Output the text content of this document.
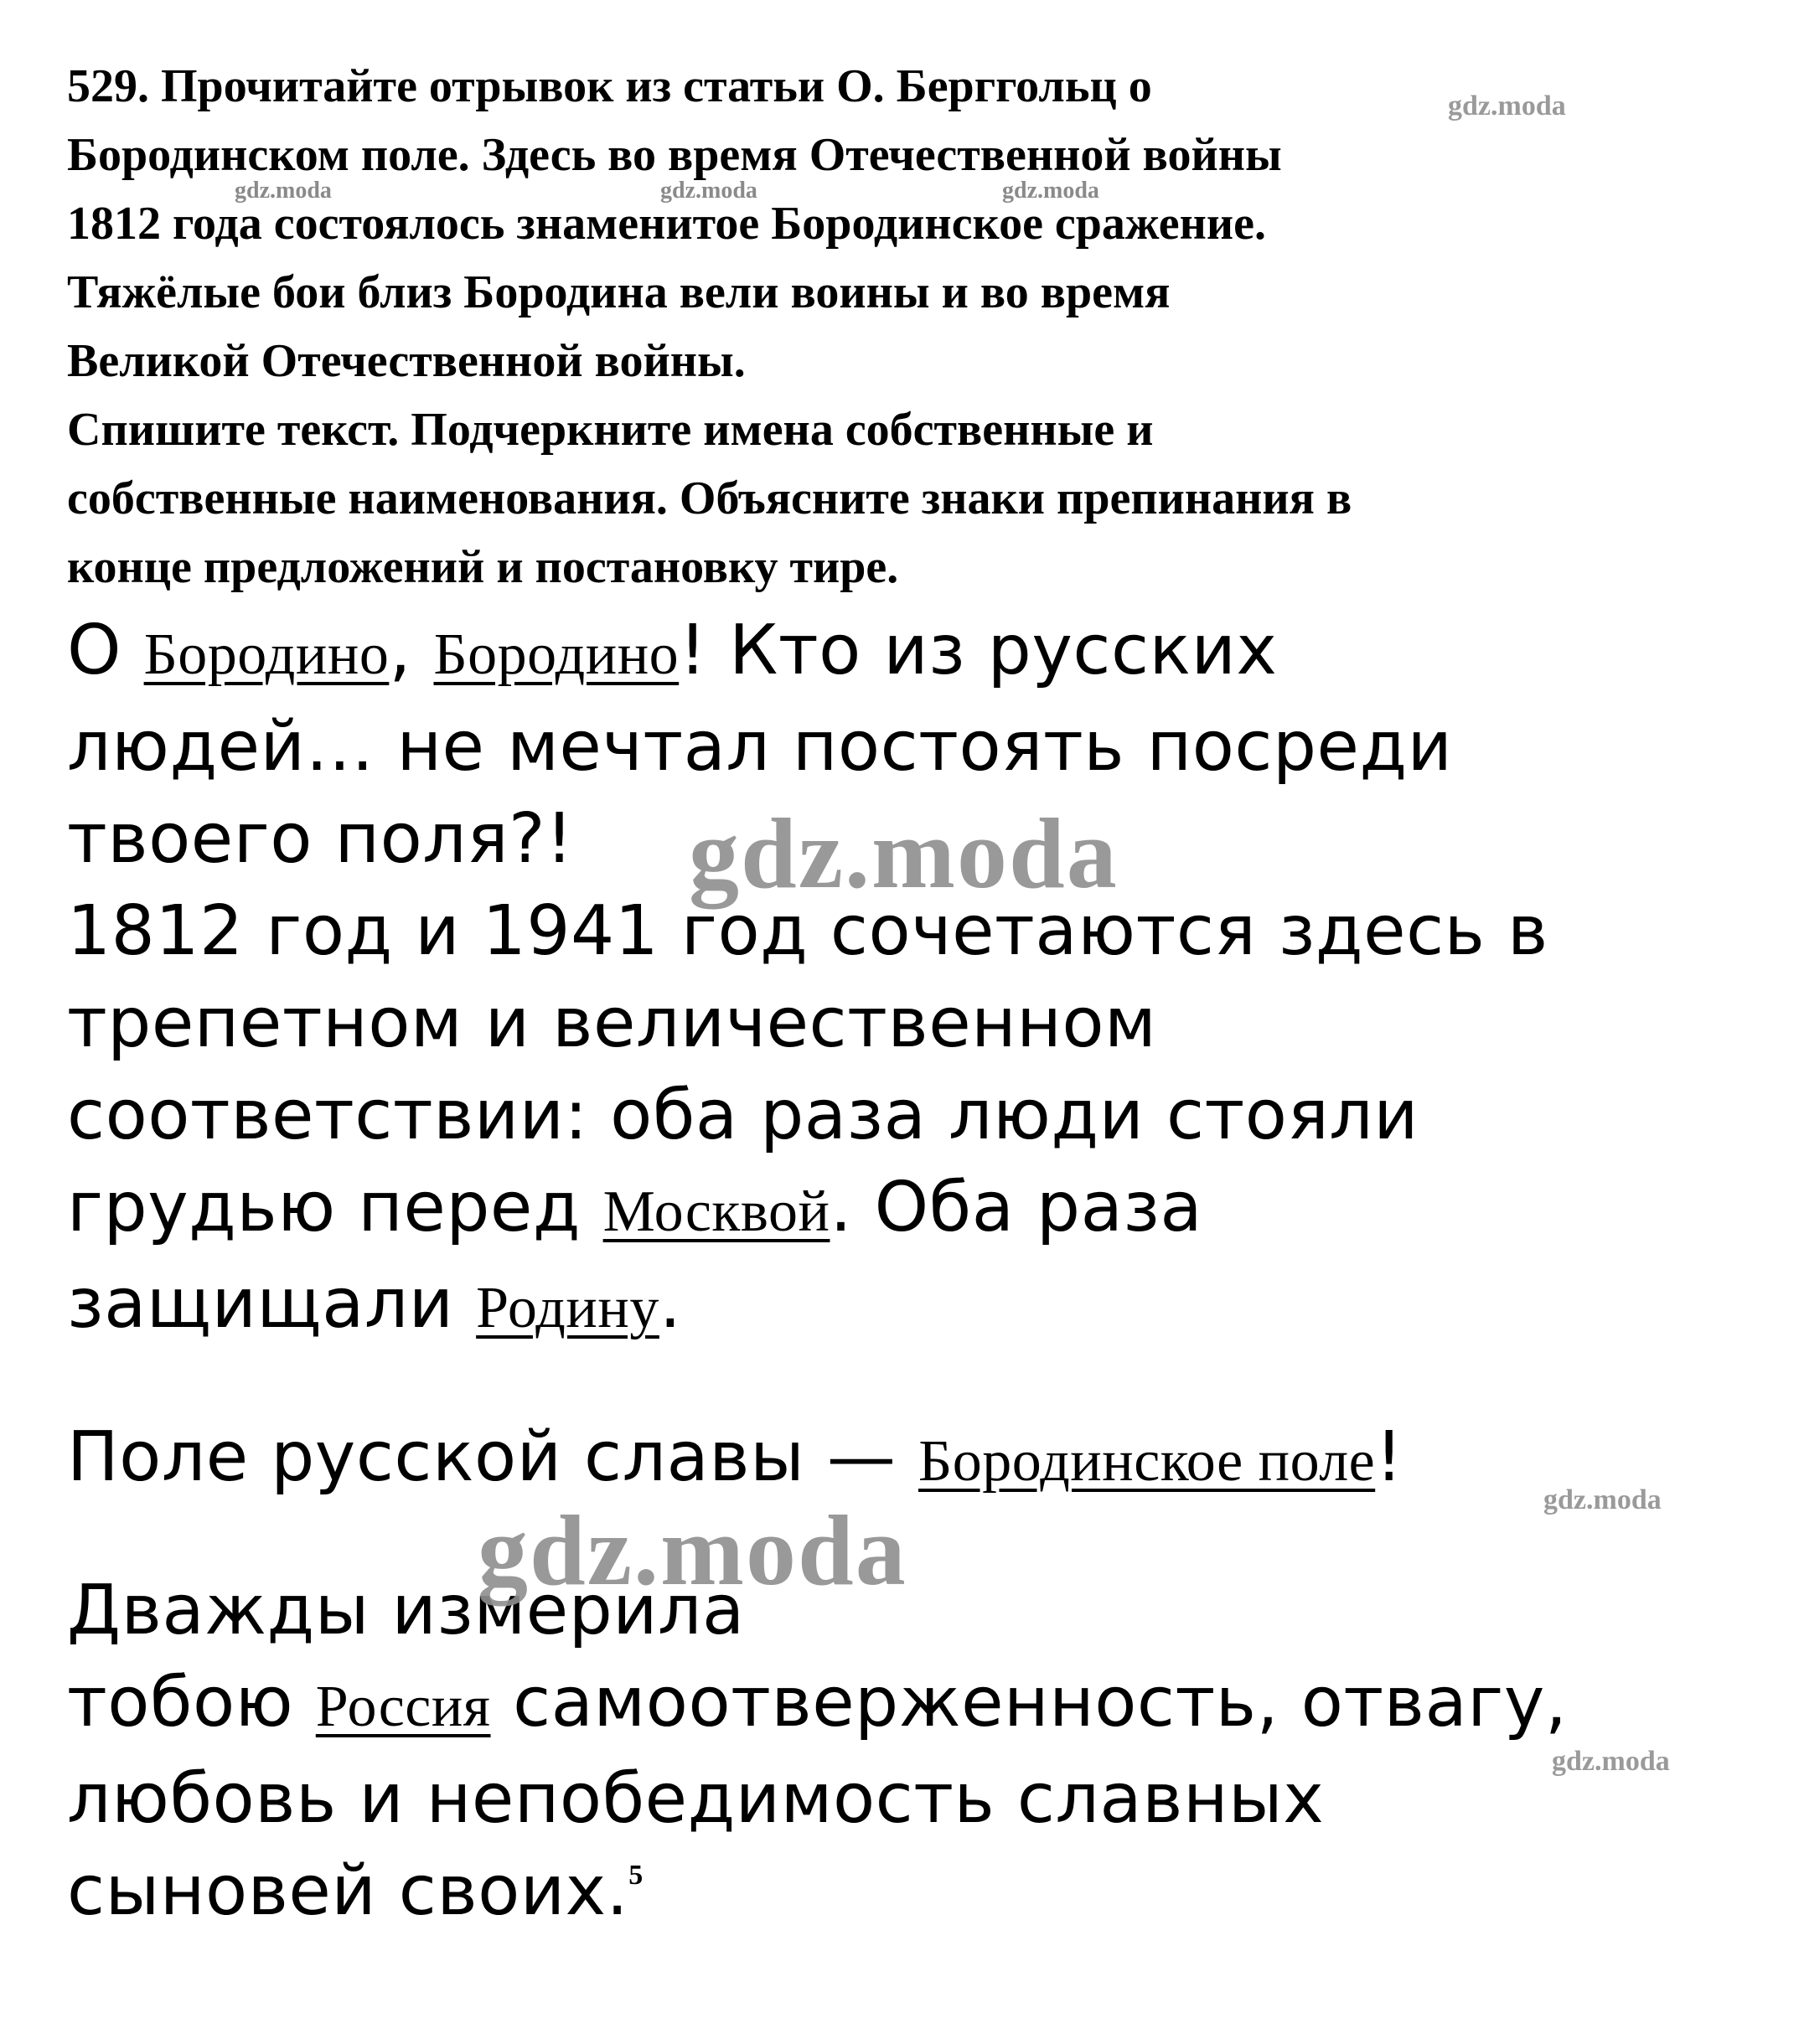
529. Прочитайте отрывок из статьи О. Берггольц о
Бородинском поле. Здесь во время Отечественной войны
1812 года состоялось знаменитое Бородинское сражение.
Тяжёлые бои близ Бородина вели воины и во время
Великой Отечественной войны.
Спишите текст. Подчеркните имена собственные и
собственные наименования. Объясните знаки препинания в
конце предложений и постановку тире.
О Бородино, Бородино! Кто из русских
людей… не мечтал постоять посреди
твоего поля?!
1812 год и 1941 год сочетаются здесь в
трепетном и величественном
соответствии: оба раза люди стояли
грудью перед Москвой. Оба раза
защищали Родину.
Поле русской славы — Бородинское поле!
Дважды измерила
тобою Россия самоотверженность, отвагу,
любовь и непобедимость славных
сыновей своих.$^5$
gdz.moda
gdz.moda	gdz.moda	gdz.moda
gdz.moda
gdz.moda
gdz.moda
gdz.moda
